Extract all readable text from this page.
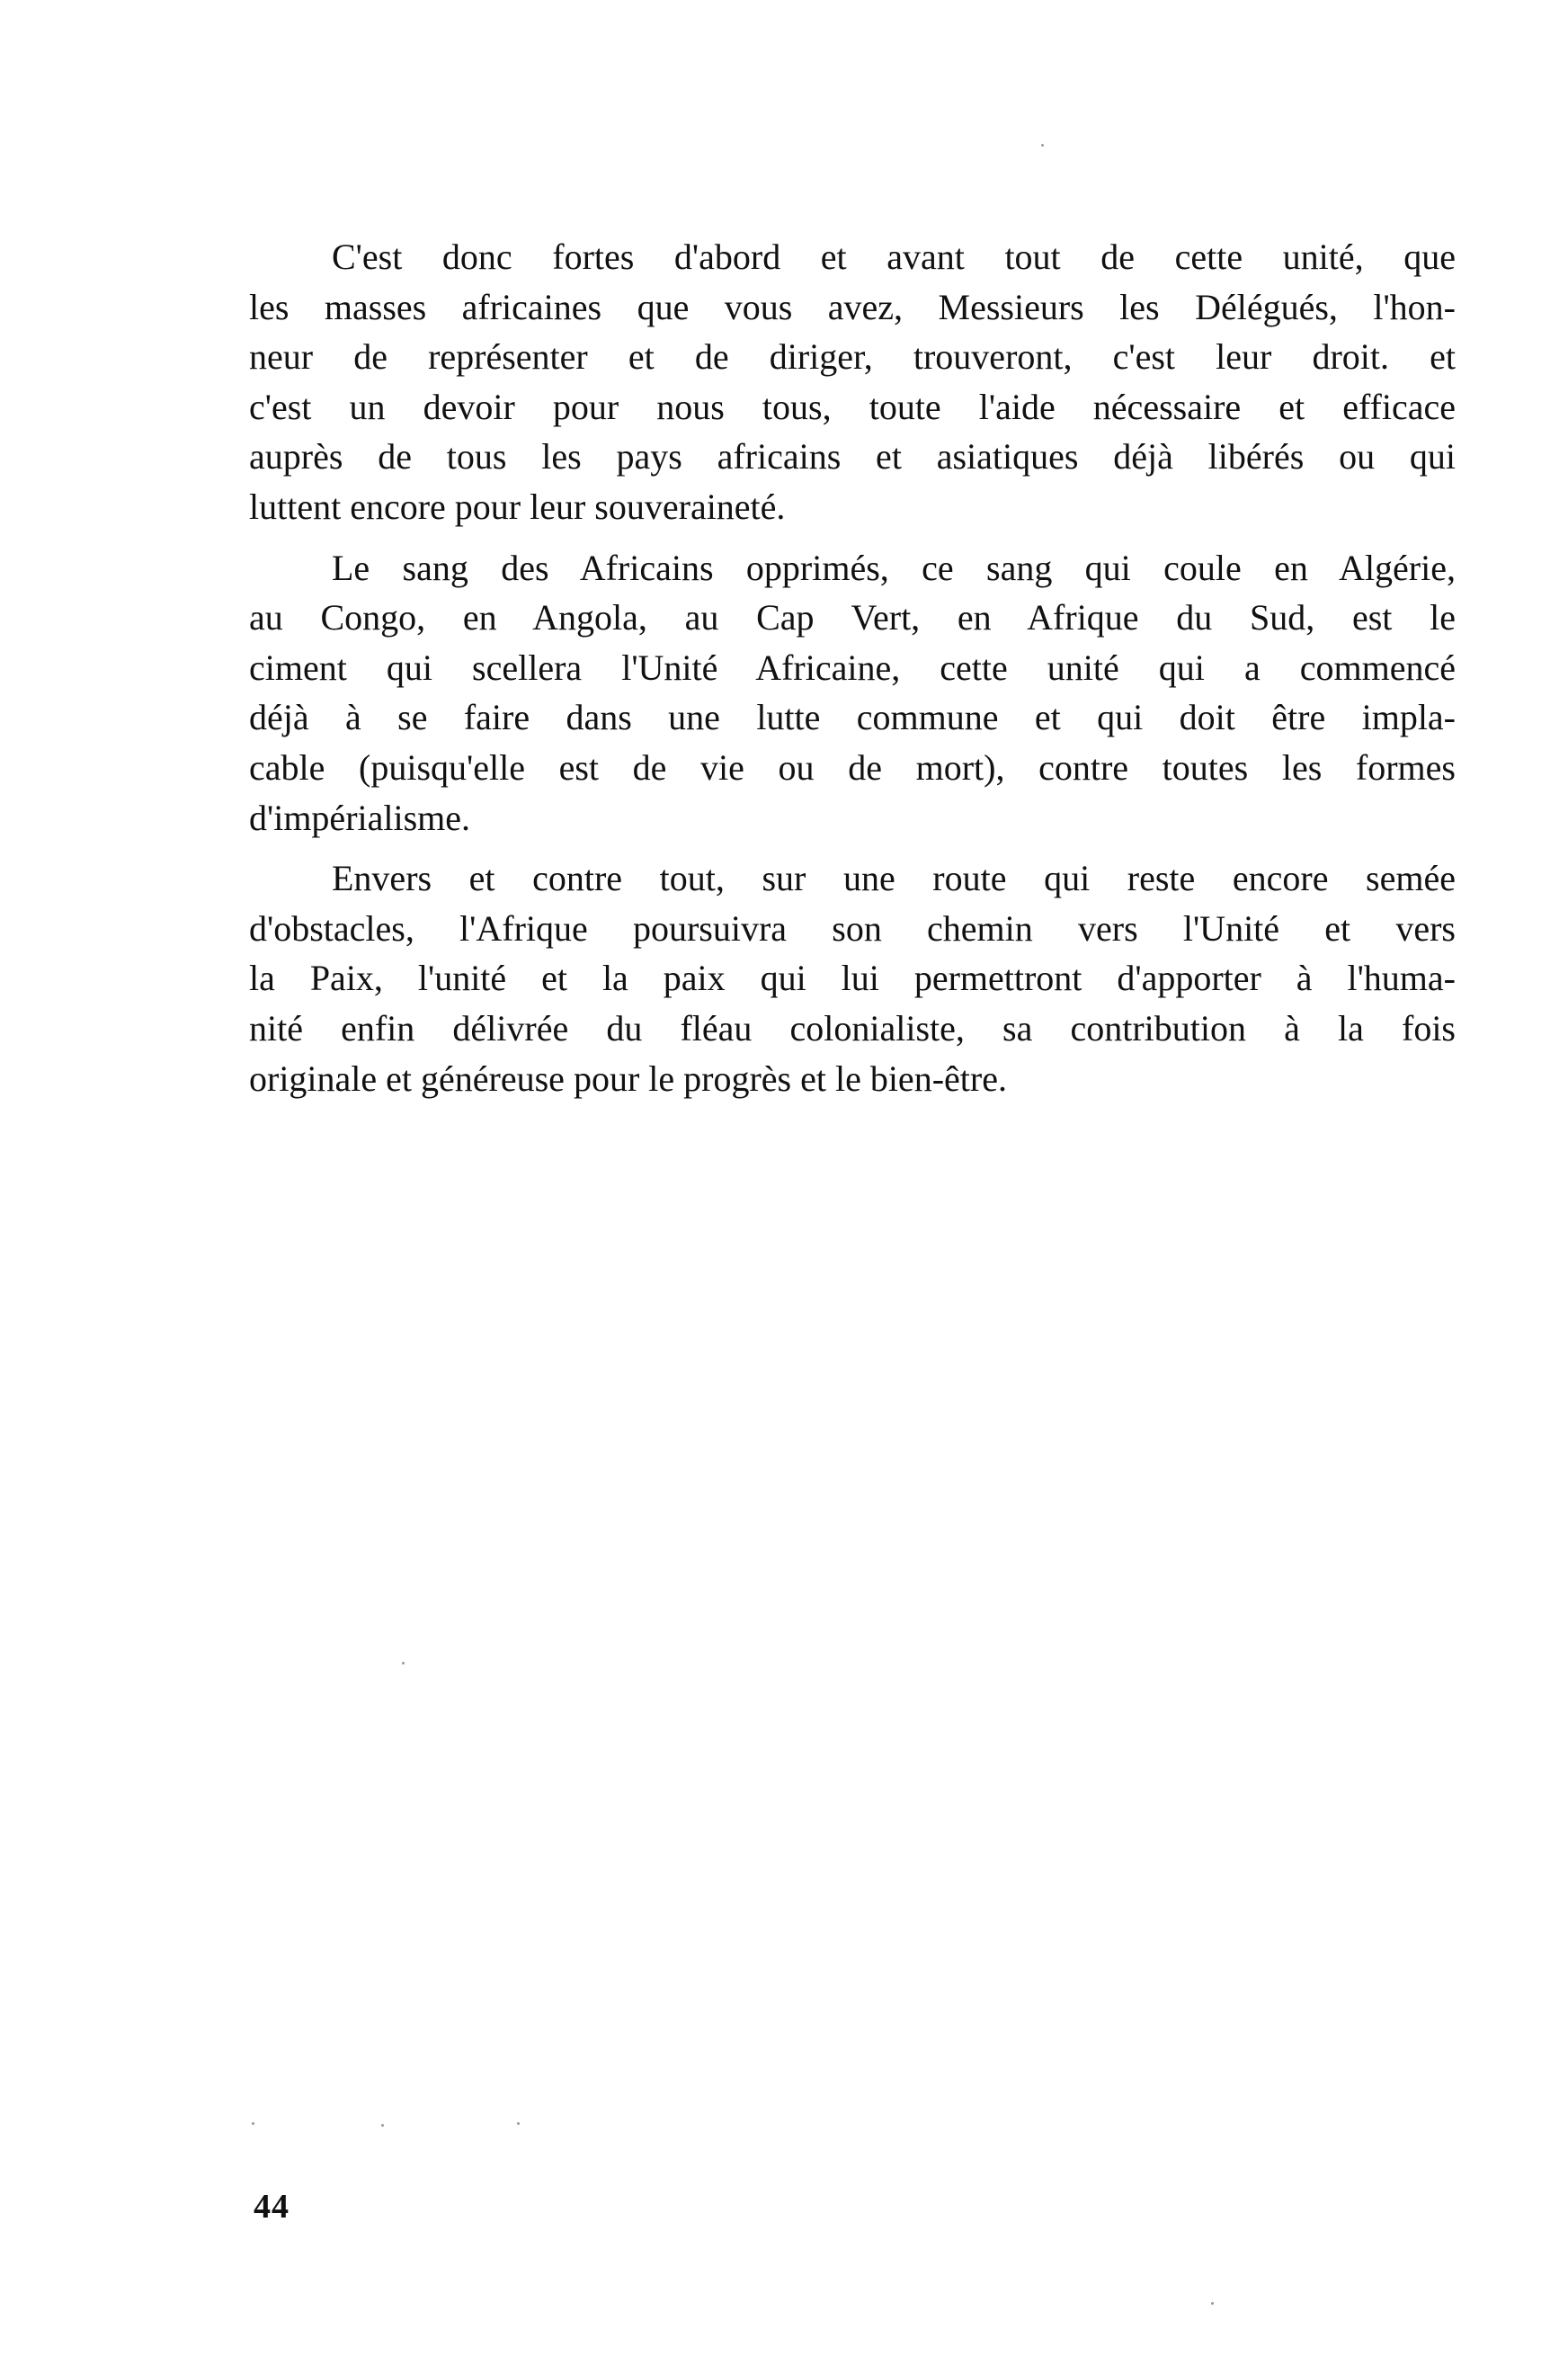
C'est donc fortes d'abord et avant tout de cette unité, que
les masses africaines que vous avez, Messieurs les Délégués, l'hon-
neur de représenter et de diriger, trouveront, c'est leur droit. et
c'est un devoir pour nous tous, toute l'aide nécessaire et efficace
auprès de tous les pays africains et asiatiques déjà libérés ou qui
luttent encore pour leur souveraineté.

Le sang des Africains opprimés, ce sang qui coule en Algérie,
au Congo, en Angola, au Cap Vert, en Afrique du Sud, est le
ciment qui scellera l'Unité Africaine, cette unité qui a commencé
déjà à se faire dans une lutte commune et qui doit être impla-
cable (puisqu'elle est de vie ou de mort), contre toutes les formes
d'impérialisme.

Envers et contre tout, sur une route qui reste encore semée
d'obstacles, l'Afrique poursuivra son chemin vers l'Unité et vers
la Paix, l'unité et la paix qui lui permettront d'apporter à l'huma-
nité enfin délivrée du fléau colonialiste, sa contribution à la fois
originale et généreuse pour le progrès et le bien-être.

44
